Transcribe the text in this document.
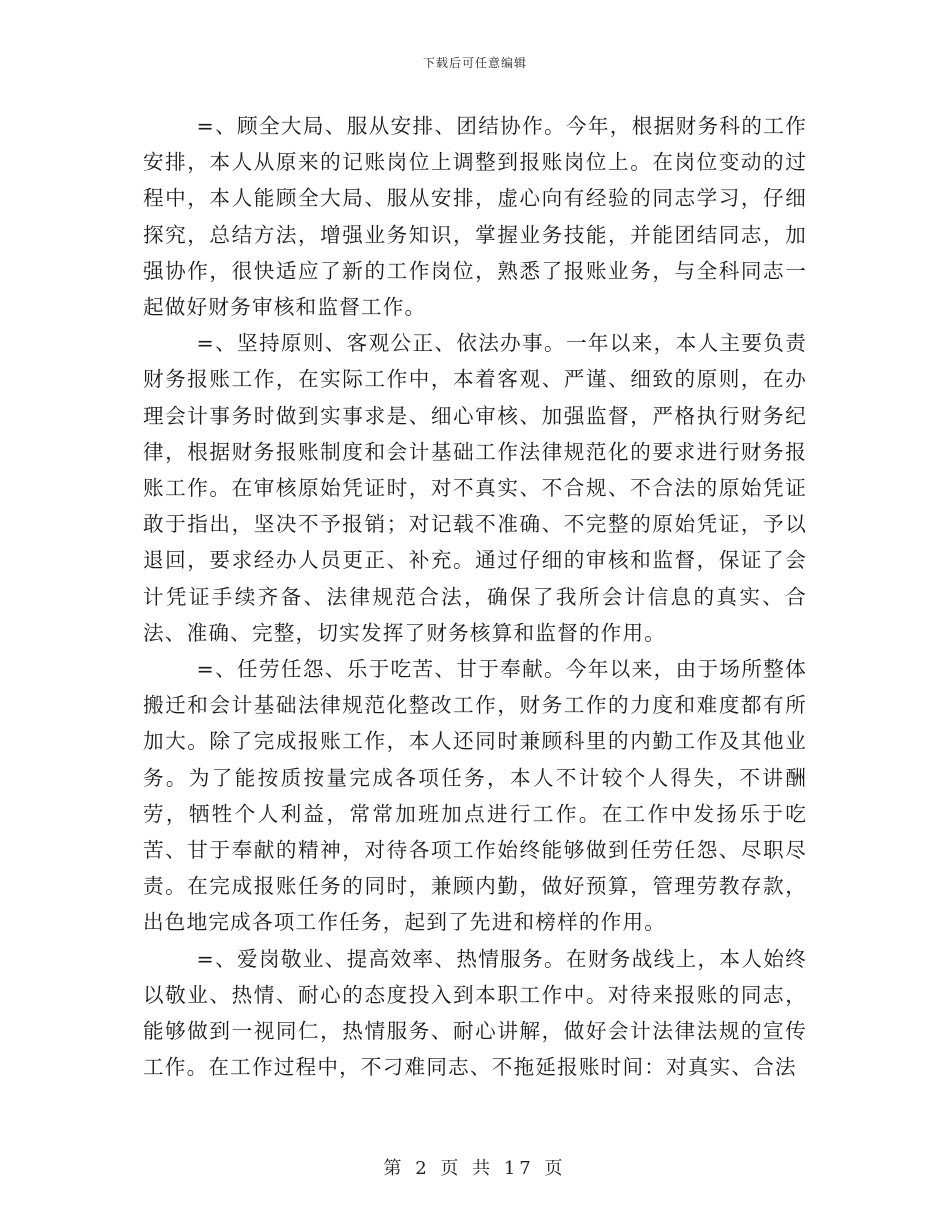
下载后可任意编辑

=、顾全大局、服从安排、团结协作。今年，根据财务科的工作安排，本人从原来的记账岗位上调整到报账岗位上。在岗位变动的过程中，本人能顾全大局、服从安排，虚心向有经验的同志学习，仔细探究，总结方法，增强业务知识，掌握业务技能，并能团结同志，加强协作，很快适应了新的工作岗位，熟悉了报账业务，与全科同志一起做好财务审核和监督工作。

=、坚持原则、客观公正、依法办事。一年以来，本人主要负责财务报账工作，在实际工作中，本着客观、严谨、细致的原则，在办理会计事务时做到实事求是、细心审核、加强监督，严格执行财务纪律，根据财务报账制度和会计基础工作法律规范化的要求进行财务报账工作。在审核原始凭证时，对不真实、不合规、不合法的原始凭证敢于指出，坚决不予报销；对记载不准确、不完整的原始凭证，予以退回，要求经办人员更正、补充。通过仔细的审核和监督，保证了会计凭证手续齐备、法律规范合法，确保了我所会计信息的真实、合法、准确、完整，切实发挥了财务核算和监督的作用。

=、任劳任怨、乐于吃苦、甘于奉献。今年以来，由于场所整体搬迁和会计基础法律规范化整改工作，财务工作的力度和难度都有所加大。除了完成报账工作，本人还同时兼顾科里的内勤工作及其他业务。为了能按质按量完成各项任务，本人不计较个人得失，不讲酬劳，牺牲个人利益，常常加班加点进行工作。在工作中发扬乐于吃苦、甘于奉献的精神，对待各项工作始终能够做到任劳任怨、尽职尽责。在完成报账任务的同时，兼顾内勤，做好预算，管理劳教存款，出色地完成各项工作任务，起到了先进和榜样的作用。

=、爱岗敬业、提高效率、热情服务。在财务战线上，本人始终以敬业、热情、耐心的态度投入到本职工作中。对待来报账的同志，能够做到一视同仁，热情服务、耐心讲解，做好会计法律法规的宣传工作。在工作过程中，不刁难同志、不拖延报账时间：对真实、合法

第 2 页 共 17 页
